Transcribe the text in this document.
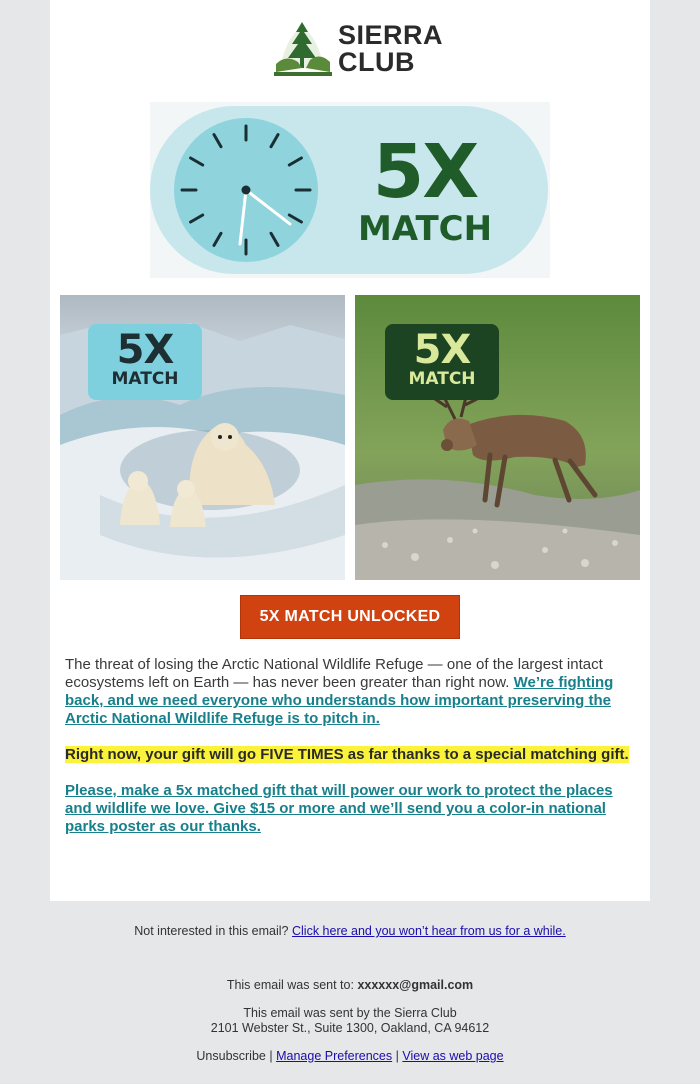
SIERRA
CLUB
5X
MATCH
5X
MATCH
5X
MATCH
5X MATCH UNLOCKED

The threat of losing the Arctic National Wildlife Refuge — one of the largest intact ecosystems left on Earth — has never been greater than right now. We’re fighting back, and we need everyone who understands how important preserving the Arctic National Wildlife Refuge is to pitch in.

Right now, your gift will go FIVE TIMES as far thanks to a special matching gift.

Please, make a 5x matched gift that will power our work to protect the places and wildlife we love. Give $15 or more and we’ll send you a color-in national parks poster as our thanks.

Not interested in this email? Click here and you won’t hear from us for a while.
This email was sent to: xxxxxx@gmail.com
This email was sent by the Sierra Club
2101 Webster St., Suite 1300, Oakland, CA 94612
Unsubscribe | Manage Preferences | View as web page
